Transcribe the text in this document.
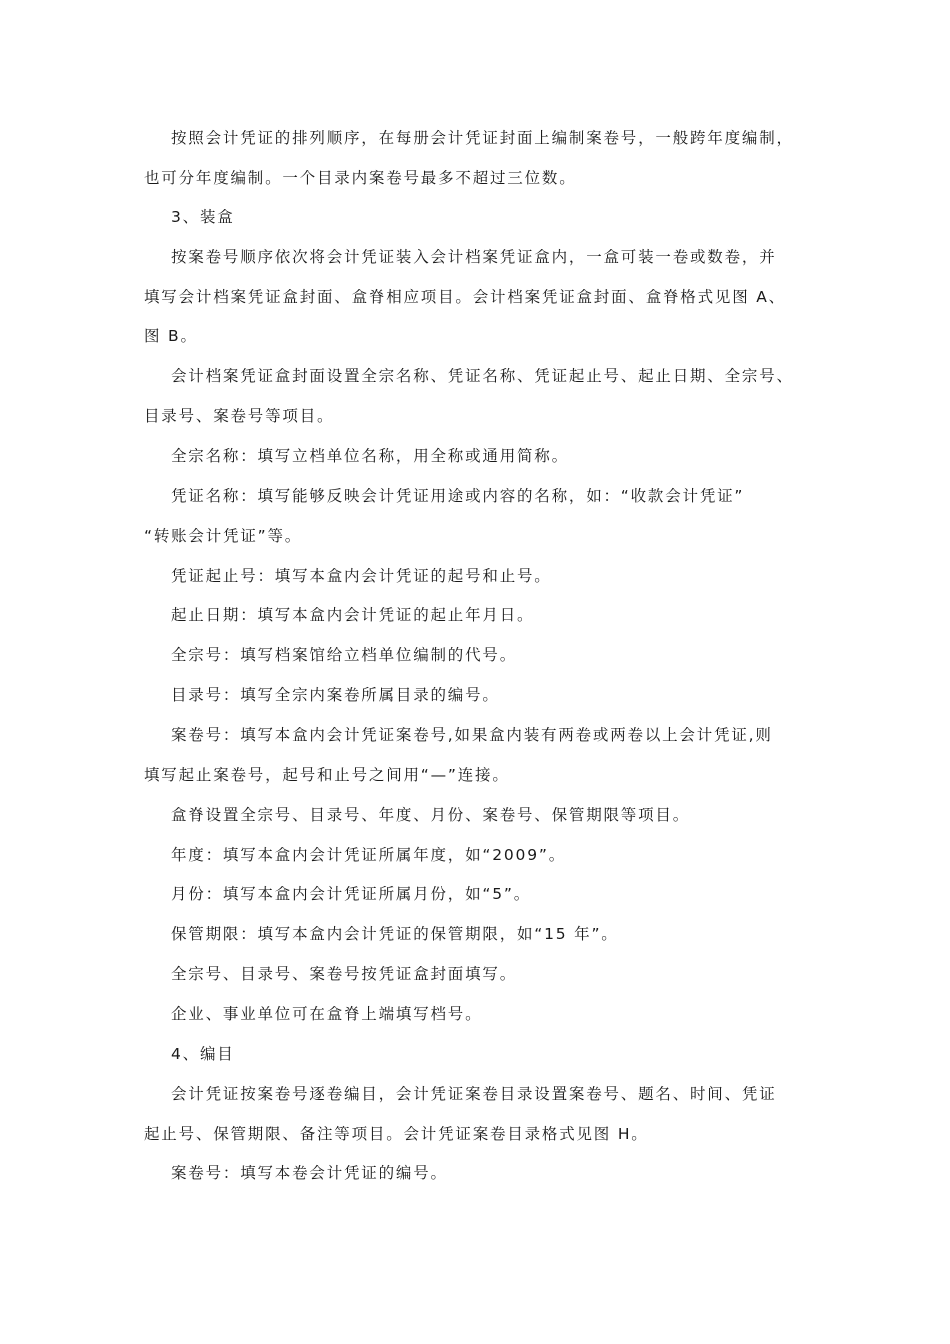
按照会计凭证的排列顺序，在每册会计凭证封面上编制案卷号，一般跨年度编制，
也可分年度编制。一个目录内案卷号最多不超过三位数。
3、装盒
按案卷号顺序依次将会计凭证装入会计档案凭证盒内，一盒可装一卷或数卷，并
填写会计档案凭证盒封面、盒脊相应项目。会计档案凭证盒封面、盒脊格式见图 A、
图 B。
会计档案凭证盒封面设置全宗名称、凭证名称、凭证起止号、起止日期、全宗号、
目录号、案卷号等项目。
全宗名称：填写立档单位名称，用全称或通用简称。
凭证名称：填写能够反映会计凭证用途或内容的名称，如：“收款会计凭证”
“转账会计凭证”等。
凭证起止号：填写本盒内会计凭证的起号和止号。
起止日期：填写本盒内会计凭证的起止年月日。
全宗号：填写档案馆给立档单位编制的代号。
目录号：填写全宗内案卷所属目录的编号。
案卷号：填写本盒内会计凭证案卷号,如果盒内装有两卷或两卷以上会计凭证,则
填写起止案卷号，起号和止号之间用“—”连接。
盒脊设置全宗号、目录号、年度、月份、案卷号、保管期限等项目。
年度：填写本盒内会计凭证所属年度，如“2009”。
月份：填写本盒内会计凭证所属月份，如“5”。
保管期限：填写本盒内会计凭证的保管期限，如“15 年”。
全宗号、目录号、案卷号按凭证盒封面填写。
企业、事业单位可在盒脊上端填写档号。
4、编目
会计凭证按案卷号逐卷编目，会计凭证案卷目录设置案卷号、题名、时间、凭证
起止号、保管期限、备注等项目。会计凭证案卷目录格式见图 H。
案卷号：填写本卷会计凭证的编号。
